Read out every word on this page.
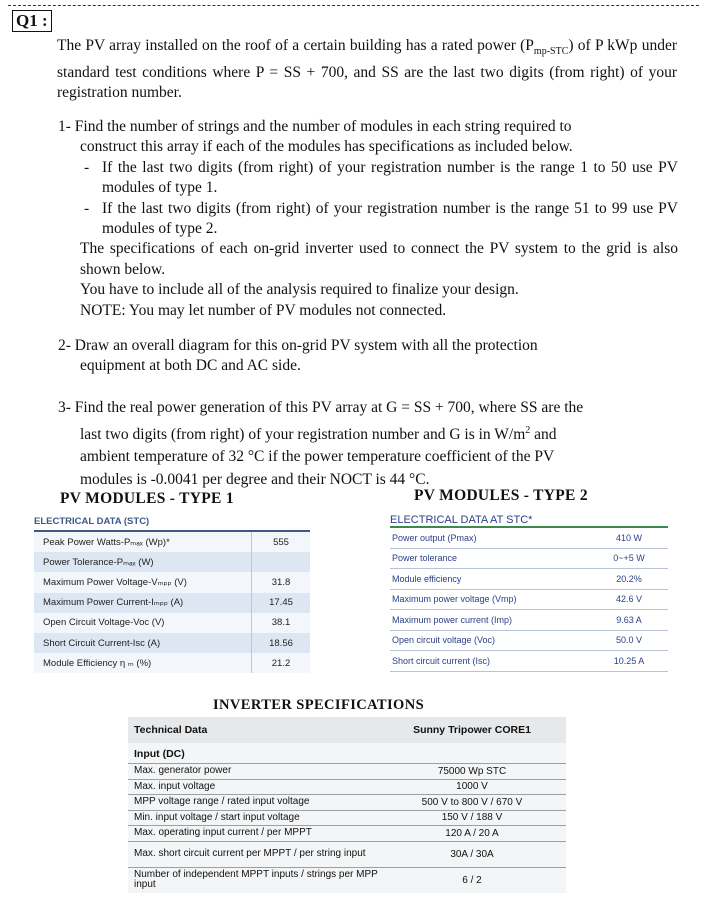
Q1 :
The PV array installed on the roof of a certain building has a rated power $(P_{mp-STC})$ of P kWp under standard test conditions where P = SS + 700, and SS are the last two digits (from right) of your registration number.
1- Find the number of strings and the number of modules in each string required to
construct this array if each of the modules has specifications as included below.
- If the last two digits (from right) of your registration number is the range 1 to 50 use PV modules of type 1.
- If the last two digits (from right) of your registration number is the range 51 to 99 use PV modules of type 2.
The specifications of each on-grid inverter used to connect the PV system to the grid is also shown below.
You have to include all of the analysis required to finalize your design.
NOTE: You may let number of PV modules not connected.
2- Draw an overall diagram for this on-grid PV system with all the protection
equipment at both DC and AC side.
3- Find the real power generation of this PV array at G = SS + 700, where SS are the
last two digits (from right) of your registration number and G is in $W/m^2$ and
ambient temperature of 32 °C if the power temperature coefficient of the PV
modules is -0.0041 per degree and their NOCT is 44 °C.
PV MODULES - TYPE 1	PV MODULES - TYPE 2
ELECTRICAL DATA (STC)
Peak Power Watts-Pₘₐₓ (Wp)*	555
Power Tolerance-Pₘₐₓ (W)
Maximum Power Voltage-Vₘₚₚ (V)	31.8
Maximum Power Current-Iₘₚₚ (A)	17.45
Open Circuit Voltage-Voc (V)	38.1
Short Circuit Current-Isc (A)	18.56
Module Efficiency η ₘ (%)	21.2
ELECTRICAL DATA AT STC*
Power output (Pmax)	410 W
Power tolerance	0~+5 W
Module efficiency	20.2%
Maximum power voltage (Vmp)	42.6 V
Maximum power current (Imp)	9.63 A
Open circuit voltage (Voc)	50.0 V
Short circuit current (Isc)	10.25 A
INVERTER SPECIFICATIONS
Technical Data	Sunny Tripower CORE1
Input (DC)
Max. generator power	75000 Wp STC
Max. input voltage	1000 V
MPP voltage range / rated input voltage	500 V to 800 V / 670 V
Min. input voltage / start input voltage	150 V / 188 V
Max. operating input current / per MPPT	120 A / 20 A
Max. short circuit current per MPPT / per string input	30A / 30A
Number of independent MPPT inputs / strings per MPP input	6 / 2
